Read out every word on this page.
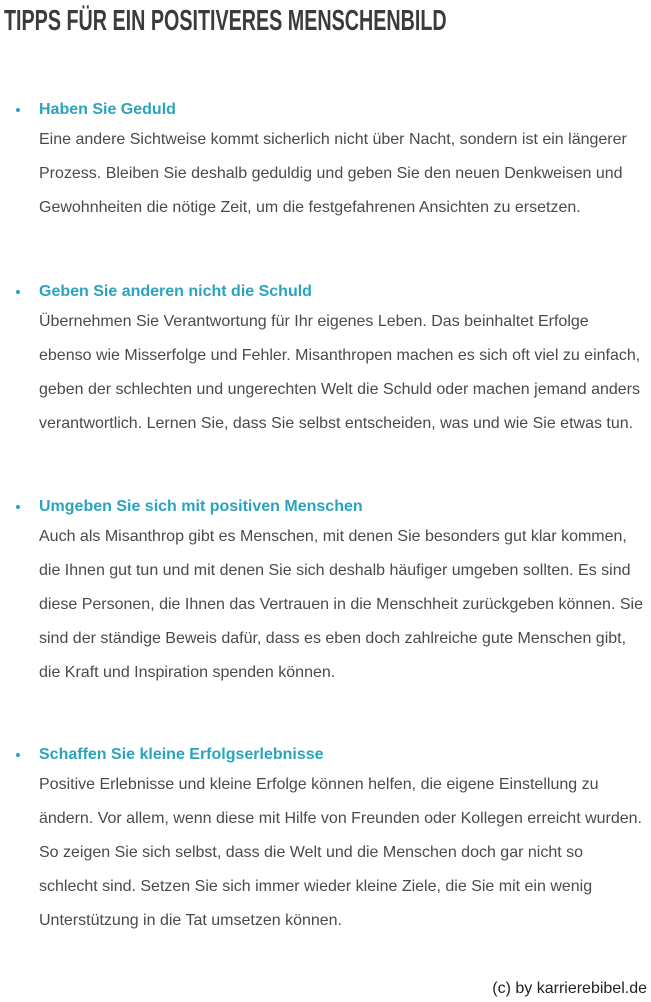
TIPPS FÜR EIN POSITIVERES MENSCHENBILD
Haben Sie Geduld

Eine andere Sichtweise kommt sicherlich nicht über Nacht, sondern ist ein längerer
Prozess. Bleiben Sie deshalb geduldig und geben Sie den neuen Denkweisen und
Gewohnheiten die nötige Zeit, um die festgefahrenen Ansichten zu ersetzen.

Geben Sie anderen nicht die Schuld

Übernehmen Sie Verantwortung für Ihr eigenes Leben. Das beinhaltet Erfolge
ebenso wie Misserfolge und Fehler. Misanthropen machen es sich oft viel zu einfach,
geben der schlechten und ungerechten Welt die Schuld oder machen jemand anders
verantwortlich. Lernen Sie, dass Sie selbst entscheiden, was und wie Sie etwas tun.

Umgeben Sie sich mit positiven Menschen

Auch als Misanthrop gibt es Menschen, mit denen Sie besonders gut klar kommen,
die Ihnen gut tun und mit denen Sie sich deshalb häufiger umgeben sollten. Es sind
diese Personen, die Ihnen das Vertrauen in die Menschheit zurückgeben können. Sie
sind der ständige Beweis dafür, dass es eben doch zahlreiche gute Menschen gibt,
die Kraft und Inspiration spenden können.

Schaffen Sie kleine Erfolgserlebnisse

Positive Erlebnisse und kleine Erfolge können helfen, die eigene Einstellung zu
ändern. Vor allem, wenn diese mit Hilfe von Freunden oder Kollegen erreicht wurden.
So zeigen Sie sich selbst, dass die Welt und die Menschen doch gar nicht so
schlecht sind. Setzen Sie sich immer wieder kleine Ziele, die Sie mit ein wenig
Unterstützung in die Tat umsetzen können.

(c) by karrierebibel.de
